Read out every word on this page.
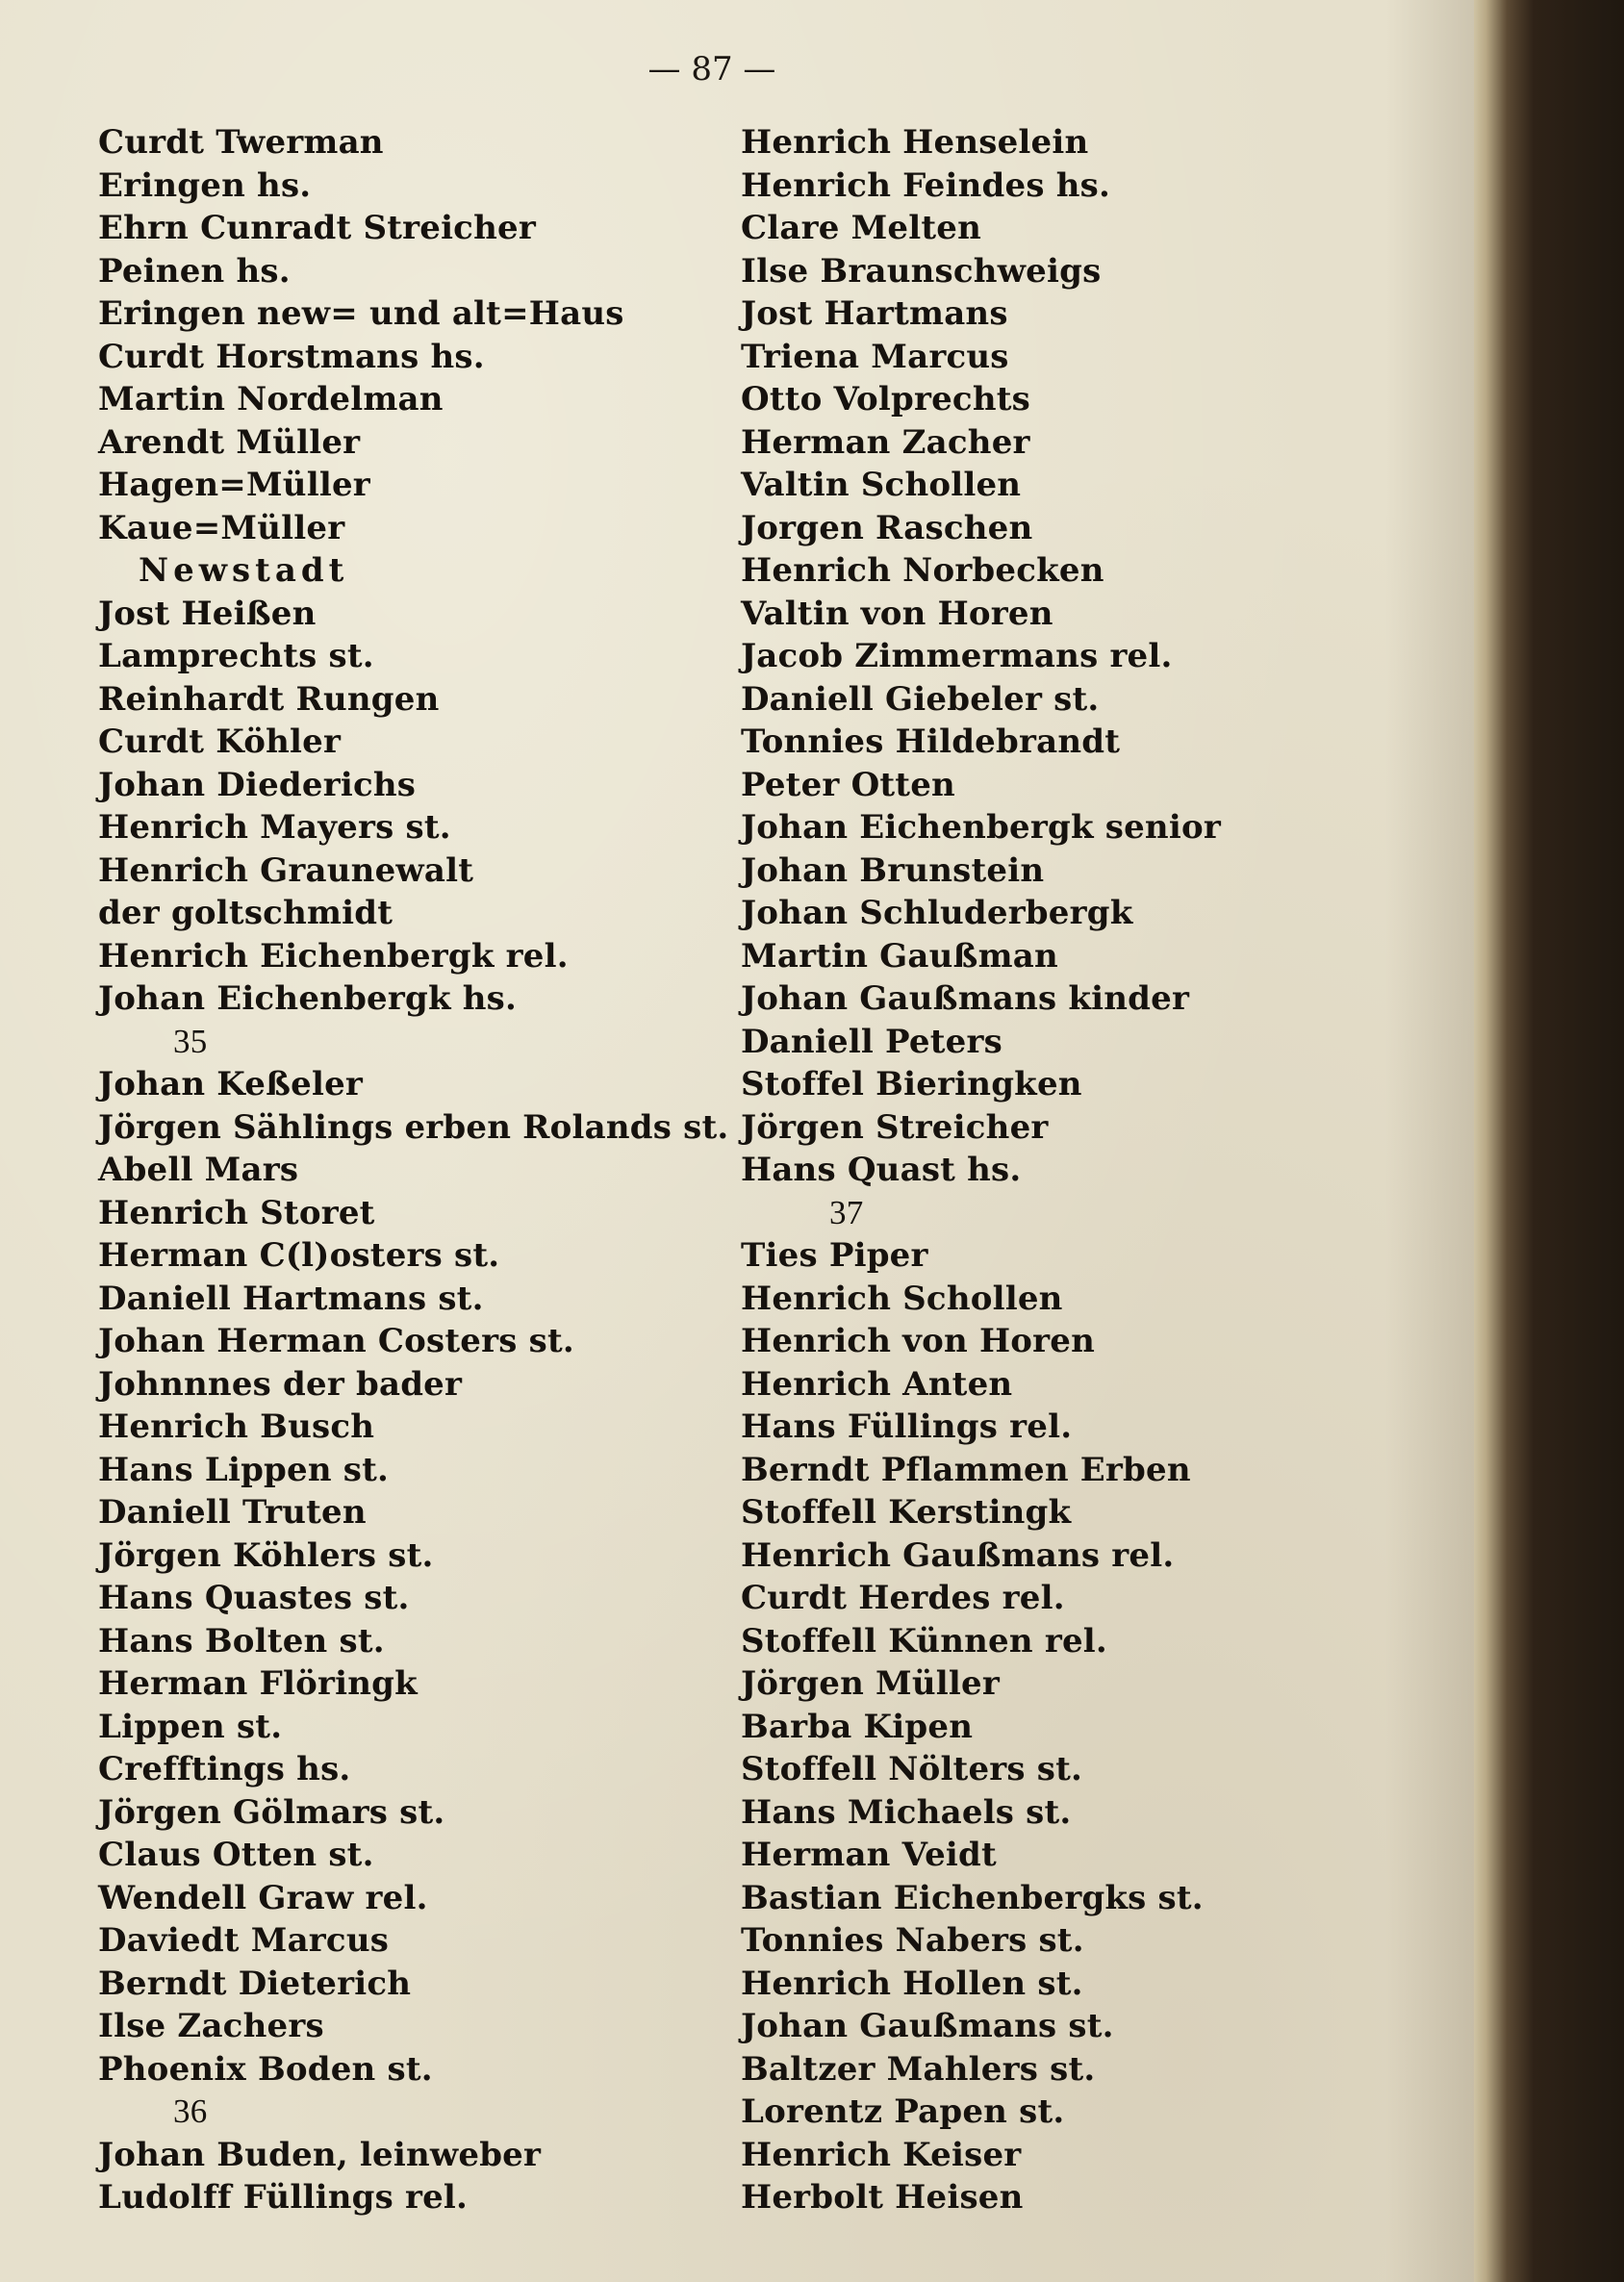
— 87 —
Curdt Twerman
Eringen hs.
Ehrn Cunradt Streicher
Peinen hs.
Eringen new= und alt=Haus
Curdt Horstmans hs.
Martin Nordelman
Arendt Müller
Hagen=Müller
Kaue=Müller
Newstadt
Jost Heißen
Lamprechts st.
Reinhardt Rungen
Curdt Köhler
Johan Diederichs
Henrich Mayers st.
Henrich Graunewalt
der goltschmidt
Henrich Eichenbergk rel.
Johan Eichenbergk hs.
35
Johan Keßeler
Jörgen Sählings erben Rolands st.
Abell Mars
Henrich Storet
Herman C(l)osters st.
Daniell Hartmans st.
Johan Herman Costers st.
Johnnnes der bader
Henrich Busch
Hans Lippen st.
Daniell Truten
Jörgen Köhlers st.
Hans Quastes st.
Hans Bolten st.
Herman Flöringk
Lippen st.
Crefftings hs.
Jörgen Gölmars st.
Claus Otten st.
Wendell Graw rel.
Daviedt Marcus
Berndt Dieterich
Ilse Zachers
Phoenix Boden st.
36
Johan Buden, leinweber
Ludolff Füllings rel.
Henrich Henselein
Henrich Feindes hs.
Clare Melten
Ilse Braunschweigs
Jost Hartmans
Triena Marcus
Otto Volprechts
Herman Zacher
Valtin Schollen
Jorgen Raschen
Henrich Norbecken
Valtin von Horen
Jacob Zimmermans rel.
Daniell Giebeler st.
Tonnies Hildebrandt
Peter Otten
Johan Eichenbergk senior
Johan Brunstein
Johan Schluderbergk
Martin Gaußman
Johan Gaußmans kinder
Daniell Peters
Stoffel Bieringken
Jörgen Streicher
Hans Quast hs.
37
Ties Piper
Henrich Schollen
Henrich von Horen
Henrich Anten
Hans Füllings rel.
Berndt Pflammen Erben
Stoffell Kerstingk
Henrich Gaußmans rel.
Curdt Herdes rel.
Stoffell Künnen rel.
Jörgen Müller
Barba Kipen
Stoffell Nölters st.
Hans Michaels st.
Herman Veidt
Bastian Eichenbergks st.
Tonnies Nabers st.
Henrich Hollen st.
Johan Gaußmans st.
Baltzer Mahlers st.
Lorentz Papen st.
Henrich Keiser
Herbolt Heisen
